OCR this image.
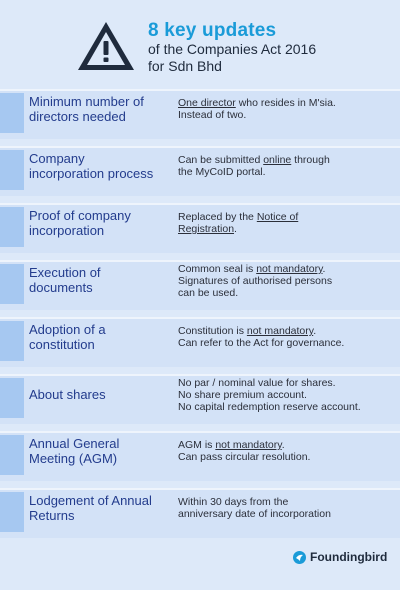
8 key updates
of the Companies Act 2016
for Sdn Bhd
Minimum number of
directors needed
One director who resides in M'sia.
Instead of two.
Company
incorporation process
Can be submitted online through
the MyCoID portal.
Proof of company
incorporation
Replaced by the Notice of
Registration.
Execution of
documents
Common seal is not mandatory.
Signatures of authorised persons
can be used.
Adoption of a
constitution
Constitution is not mandatory.
Can refer to the Act for governance.
About shares
No par / nominal value for shares.
No share premium account.
No capital redemption reserve account.
Annual General
Meeting (AGM)
AGM is not mandatory.
Can pass circular resolution.
Lodgement of Annual
Returns
Within 30 days from the
anniversary date of incorporation
Foundingbird
